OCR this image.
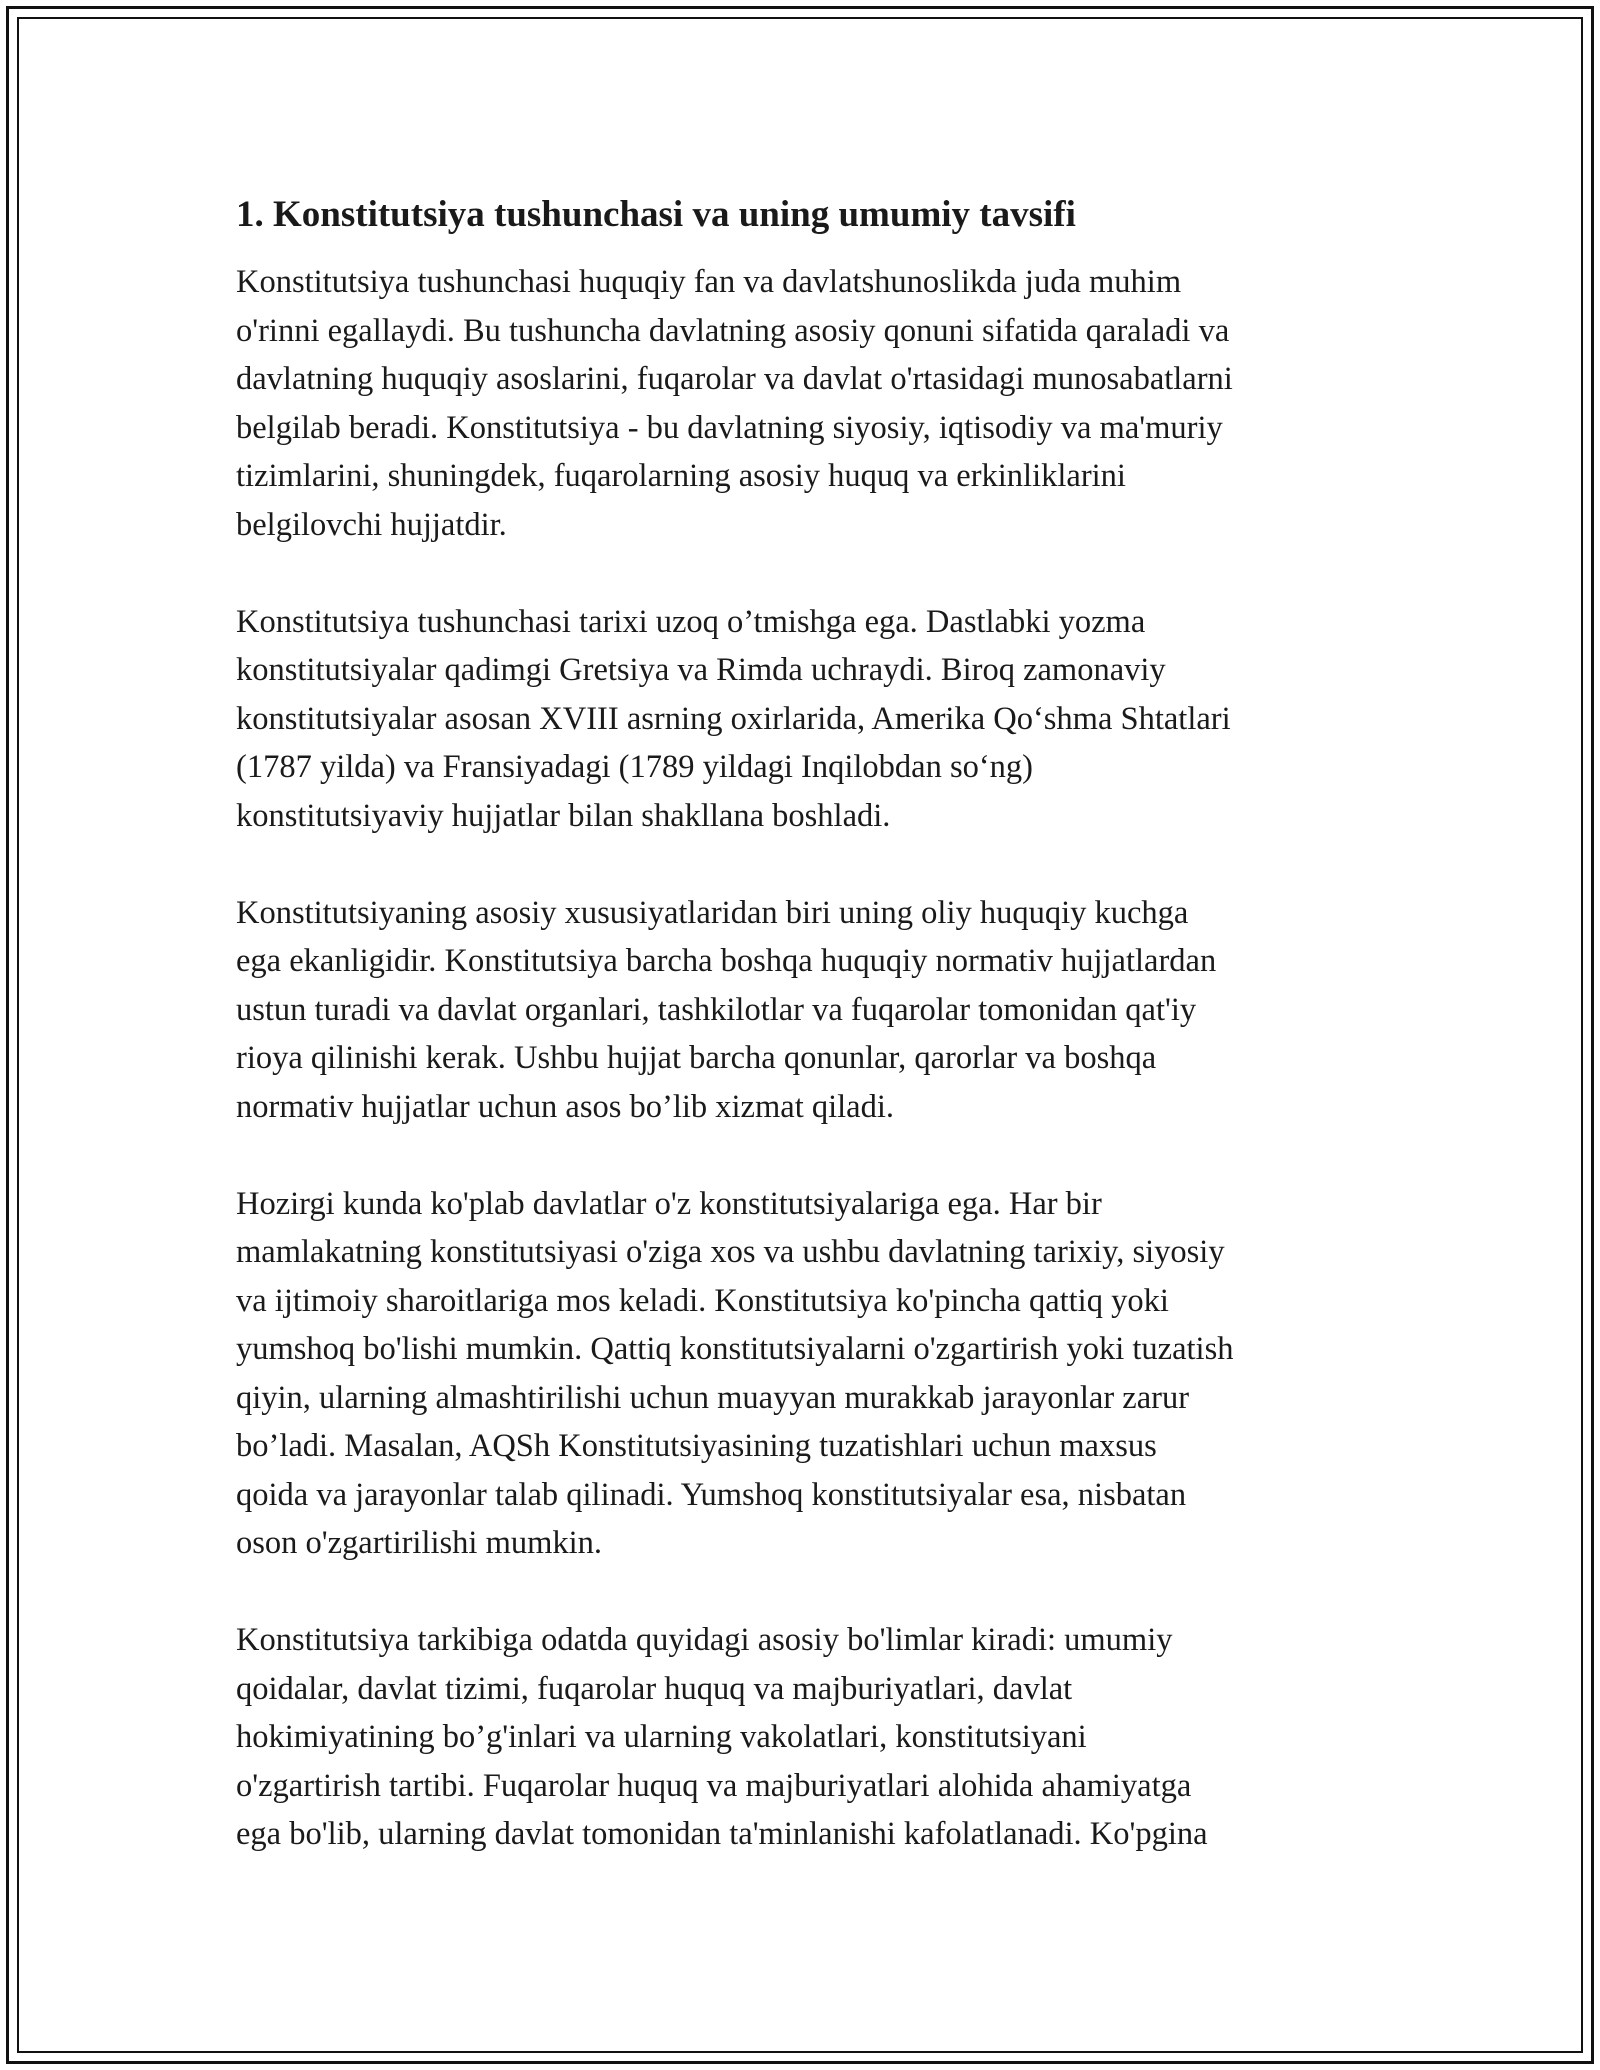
1. Konstitutsiya tushunchasi va uning umumiy tavsifi

Konstitutsiya tushunchasi huquqiy fan va davlatshunoslikda juda muhim
o'rinni egallaydi. Bu tushuncha davlatning asosiy qonuni sifatida qaraladi va
davlatning huquqiy asoslarini, fuqarolar va davlat o'rtasidagi munosabatlarni
belgilab beradi. Konstitutsiya - bu davlatning siyosiy, iqtisodiy va ma'muriy
tizimlarini, shuningdek, fuqarolarning asosiy huquq va erkinliklarini
belgilovchi hujjatdir.

Konstitutsiya tushunchasi tarixi uzoq o’tmishga ega. Dastlabki yozma
konstitutsiyalar qadimgi Gretsiya va Rimda uchraydi. Biroq zamonaviy
konstitutsiyalar asosan XVIII asrning oxirlarida, Amerika Qo‘shma Shtatlari
(1787 yilda) va Fransiyadagi (1789 yildagi Inqilobdan so‘ng)
konstitutsiyaviy hujjatlar bilan shakllana boshladi.

Konstitutsiyaning asosiy xususiyatlaridan biri uning oliy huquqiy kuchga
ega ekanligidir. Konstitutsiya barcha boshqa huquqiy normativ hujjatlardan
ustun turadi va davlat organlari, tashkilotlar va fuqarolar tomonidan qat'iy
rioya qilinishi kerak. Ushbu hujjat barcha qonunlar, qarorlar va boshqa
normativ hujjatlar uchun asos bo’lib xizmat qiladi.

Hozirgi kunda ko'plab davlatlar o'z konstitutsiyalariga ega. Har bir
mamlakatning konstitutsiyasi o'ziga xos va ushbu davlatning tarixiy, siyosiy
va ijtimoiy sharoitlariga mos keladi. Konstitutsiya ko'pincha qattiq yoki
yumshoq bo'lishi mumkin. Qattiq konstitutsiyalarni o'zgartirish yoki tuzatish
qiyin, ularning almashtirilishi uchun muayyan murakkab jarayonlar zarur
bo’ladi. Masalan, AQSh Konstitutsiyasining tuzatishlari uchun maxsus
qoida va jarayonlar talab qilinadi. Yumshoq konstitutsiyalar esa, nisbatan
oson o'zgartirilishi mumkin.

Konstitutsiya tarkibiga odatda quyidagi asosiy bo'limlar kiradi: umumiy
qoidalar, davlat tizimi, fuqarolar huquq va majburiyatlari, davlat
hokimiyatining bo’g'inlari va ularning vakolatlari, konstitutsiyani
o'zgartirish tartibi. Fuqarolar huquq va majburiyatlari alohida ahamiyatga
ega bo'lib, ularning davlat tomonidan ta'minlanishi kafolatlanadi. Ko'pgina
